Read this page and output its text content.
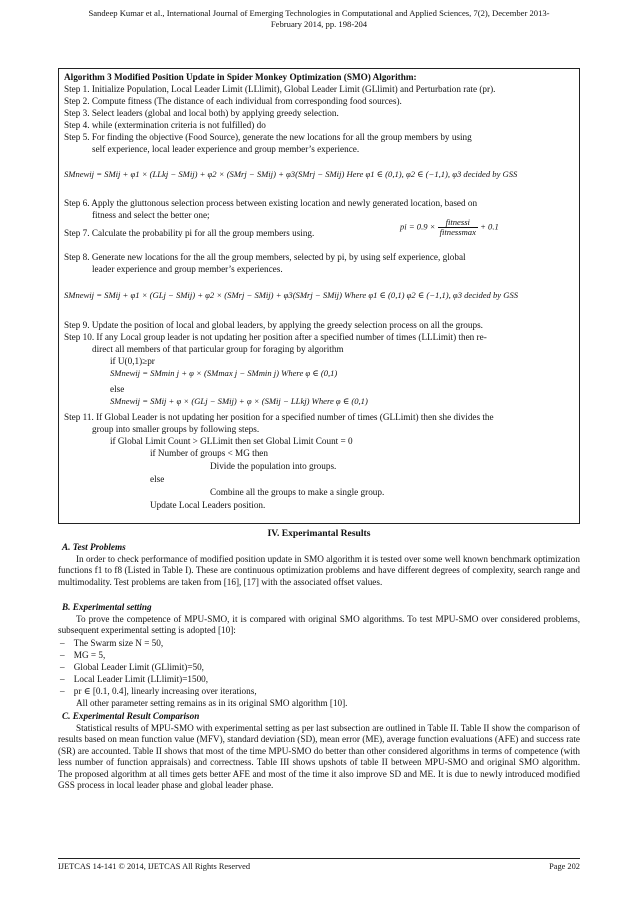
Sandeep Kumar et al., International Journal of Emerging Technologies in Computational and Applied Sciences, 7(2), December 2013-
February 2014, pp. 198-204
Algorithm 3 Modified Position Update in Spider Monkey Optimization (SMO) Algorithm:
Step 1. Initialize Population, Local Leader Limit (LLlimit), Global Leader Limit (GLlimit) and Perturbation rate (pr).
Step 2. Compute fitness (The distance of each individual from corresponding food sources).
Step 3. Select leaders (global and local both) by applying greedy selection.
Step 4. while (extermination criteria is not fulfilled) do
Step 5. For finding the objective (Food Source), generate the new locations for all the group members by using
self experience, local leader experience and group member’s experience.
SMnewij = SMij + φ1 × (LLkj − SMij) + φ2 × (SMrj − SMij) + φ3(SMrj − SMij) Here φ1 ∈ (0,1), φ2 ∈ (−1,1), φ3 decided by GSS
Step 6. Apply the gluttonous selection process between existing location and newly generated location, based on
fitness and select the better one;
Step 7. Calculate the probability pi for all the group members using.
pi = $0.9 \times \frac{\text{fitnessi}}{\text{fitnessmax}} + 0.1$
Step 8. Generate new locations for the all the group members, selected by pi, by using self experience, global
leader experience and group member’s experiences.
SMnewij = SMij + φ1 × (GLj − SMij) + φ2 × (SMrj − SMij) + φ3(SMrj − SMij) Where φ1 ∈ (0,1) φ2 ∈ (−1,1), φ3 decided by GSS
Step 9. Update the position of local and global leaders, by applying the greedy selection process on all the groups.
Step 10. If any Local group leader is not updating her position after a specified number of times (LLLimit) then re-
direct all members of that particular group for foraging by algorithm
if U(0,1)≥pr
SMnewij = SMmin j + φ × (SMmax j − SMmin j) Where φ ∈ (0,1)
else
SMnewij = SMij + φ × (GLj − SMij) + φ × (SMij − LLkj) Where φ ∈ (0,1)
Step 11. If Global Leader is not updating her position for a specified number of times (GLLimit) then she divides the
group into smaller groups by following steps.
if Global Limit Count > GLLimit then set Global Limit Count = 0
if Number of groups < MG then
Divide the population into groups.
else
Combine all the groups to make a single group.
Update Local Leaders position.
IV. Experimantal Results
A. Test Problems
In order to check performance of modified position update in SMO algorithm it is tested over some well known benchmark optimization functions f1 to f8 (Listed in Table I). These are continuous optimization problems and have different degrees of complexity, search range and multimodality. Test problems are taken from [16], [17] with the associated offset values.
B. Experimental setting
To prove the competence of MPU-SMO, it is compared with original SMO algorithms. To test MPU-SMO over considered problems, subsequent experimental setting is adopted [10]:
–    The Swarm size N = 50,
–    MG = 5,
–    Global Leader Limit (GLlimit)=50,
–    Local Leader Limit (LLlimit)=1500,
–    pr ∈ [0.1, 0.4], linearly increasing over iterations,
All other parameter setting remains as in its original SMO algorithm [10].
C. Experimental Result Comparison
Statistical results of MPU-SMO with experimental setting as per last subsection are outlined in Table II. Table II show the comparison of results based on mean function value (MFV), standard deviation (SD), mean error (ME), average function evaluations (AFE) and success rate (SR) are accounted. Table II shows that most of the time MPU-SMO do better than other considered algorithms in terms of competence (with less number of function appraisals) and correctness. Table III shows upshots of table II between MPU-SMO and original SMO algorithm. The proposed algorithm at all times gets better AFE and most of the time it also improve SD and ME. It is due to newly introduced modified GSS process in local leader phase and global leader phase.
IJETCAS 14-141 © 2014, IJETCAS All Rights Reserved	Page 202
